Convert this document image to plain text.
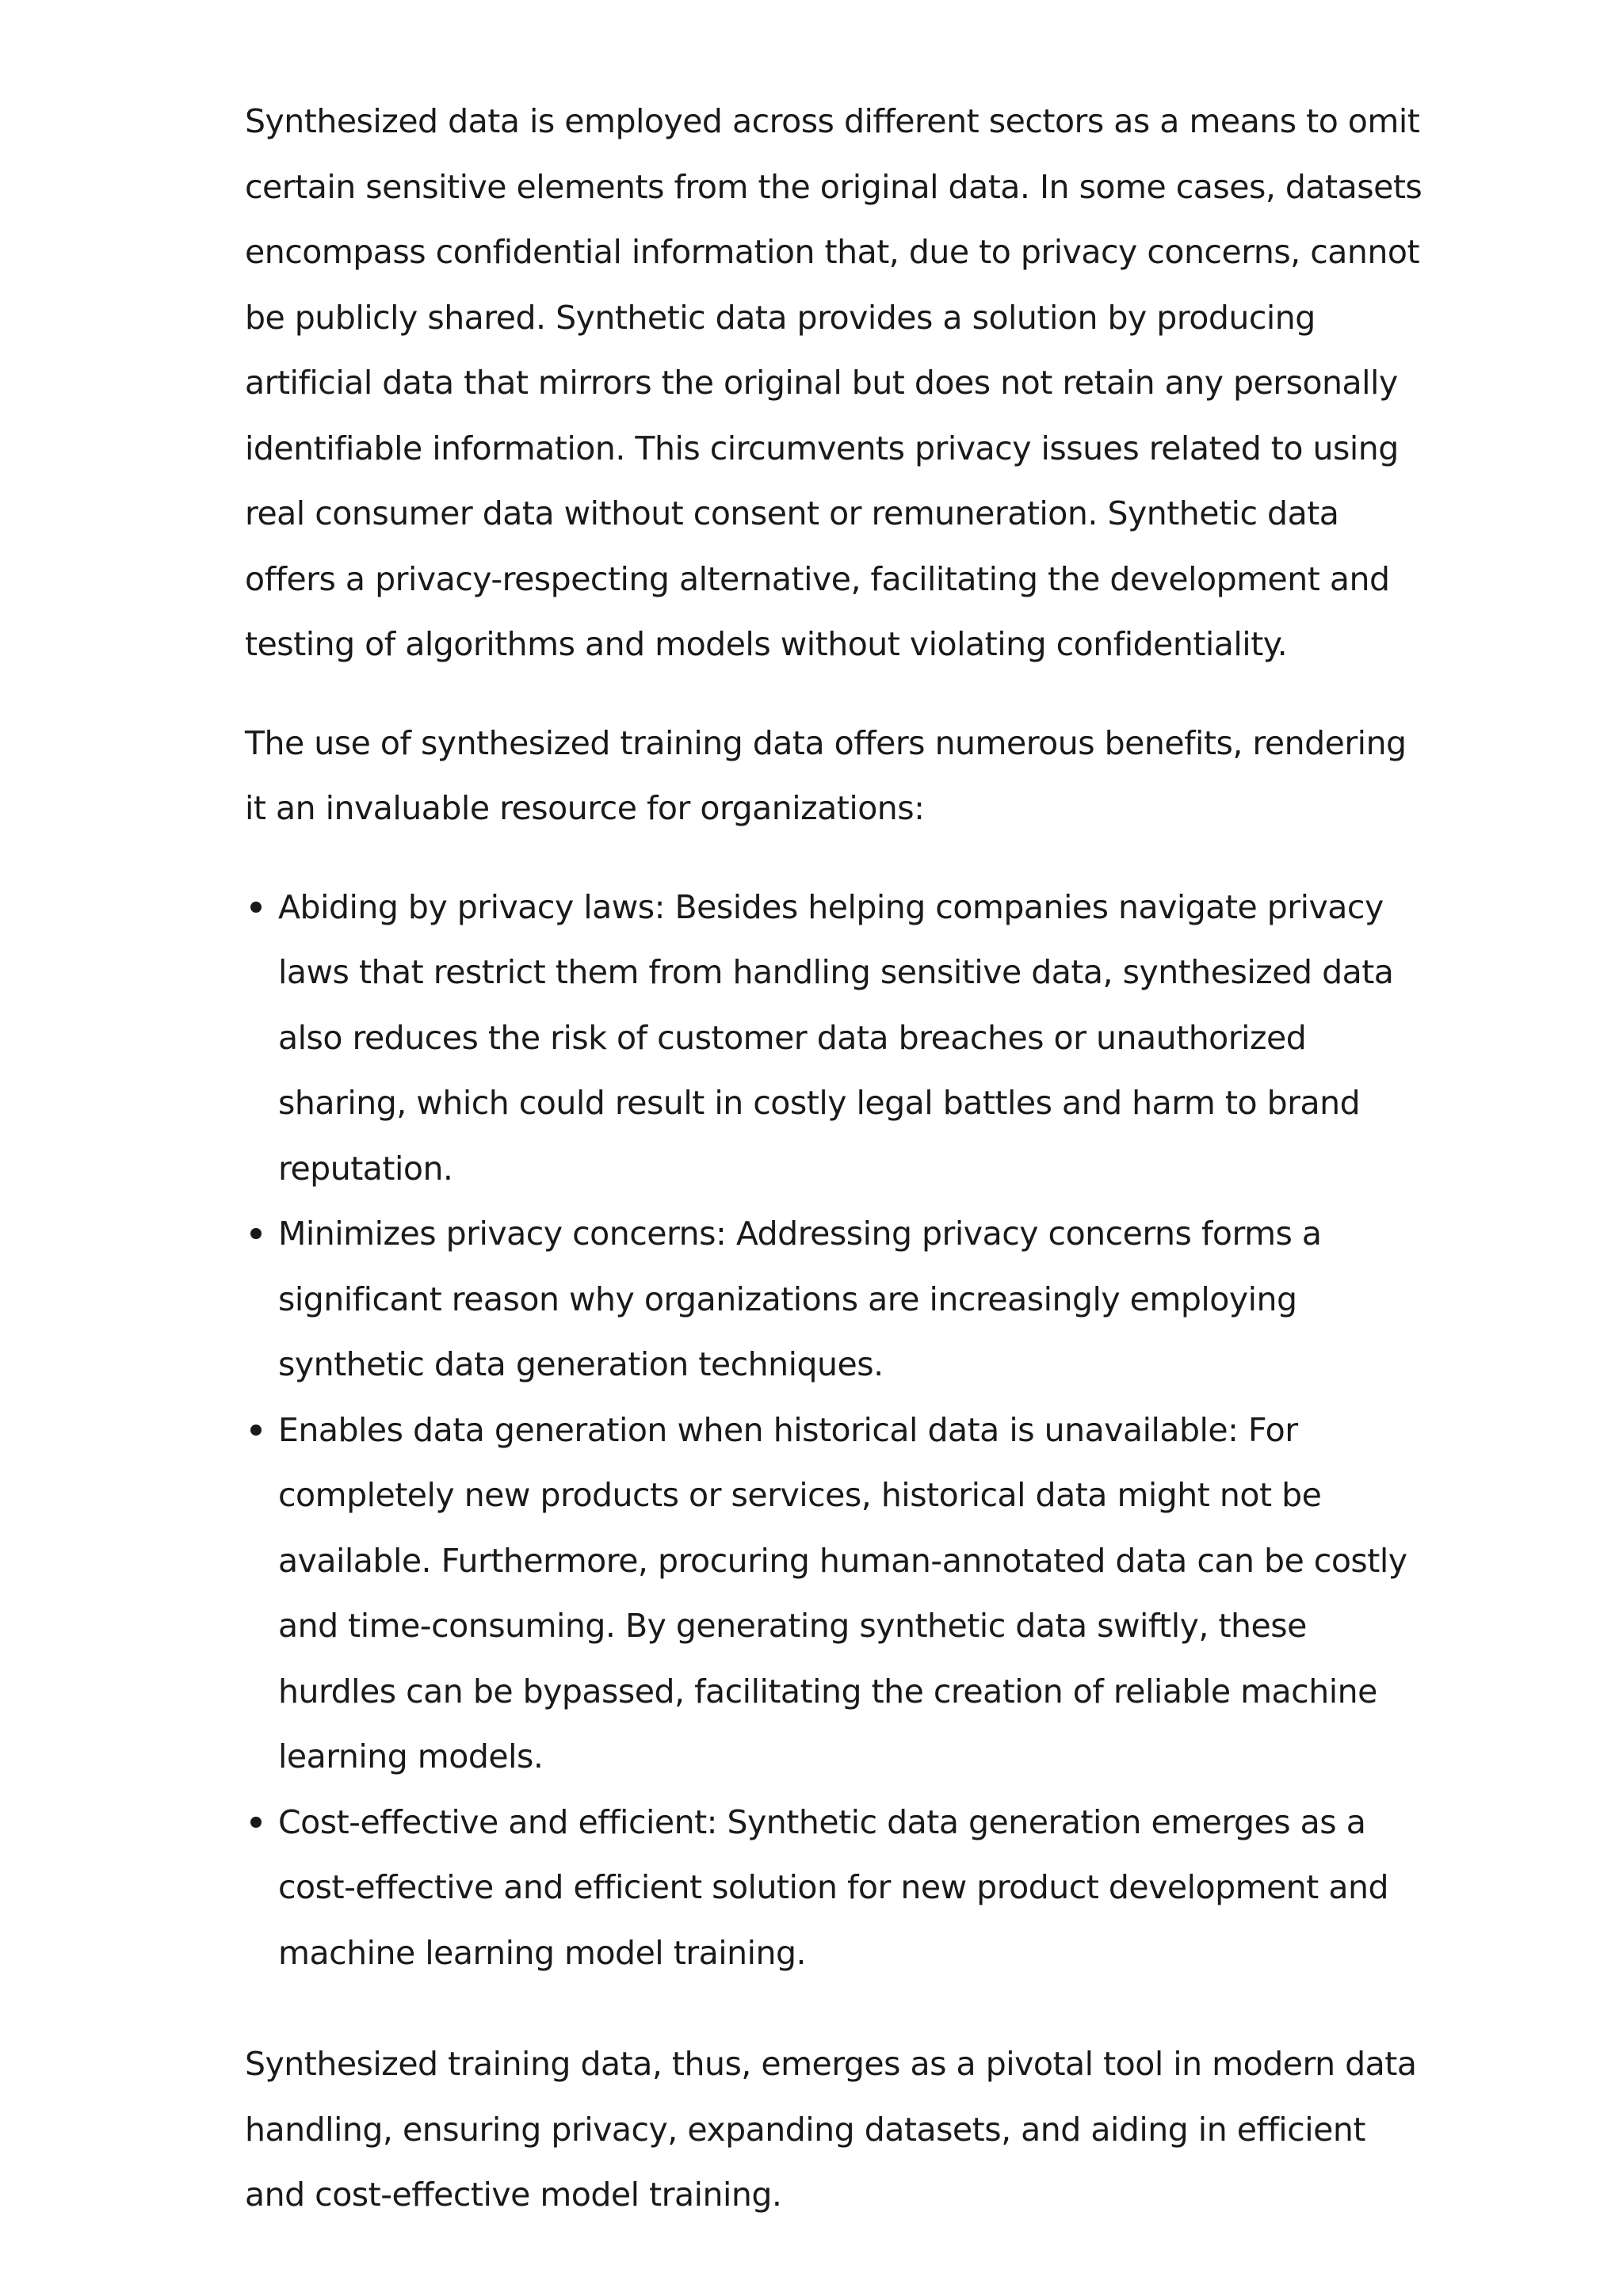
Synthesized data is employed across different sectors as a means to omit certain sensitive elements from the original data. In some cases, datasets encompass confidential information that, due to privacy concerns, cannot be publicly shared. Synthetic data provides a solution by producing artificial data that mirrors the original but does not retain any personally identifiable information. This circumvents privacy issues related to using real consumer data without consent or remuneration. Synthetic data offers a privacy-respecting alternative, facilitating the development and testing of algorithms and models without violating confidentiality.

The use of synthesized training data offers numerous benefits, rendering it an invaluable resource for organizations:

Abiding by privacy laws: Besides helping companies navigate privacy laws that restrict them from handling sensitive data, synthesized data also reduces the risk of customer data breaches or unauthorized sharing, which could result in costly legal battles and harm to brand reputation.
Minimizes privacy concerns: Addressing privacy concerns forms a significant reason why organizations are increasingly employing synthetic data generation techniques.
Enables data generation when historical data is unavailable: For completely new products or services, historical data might not be available. Furthermore, procuring human-annotated data can be costly and time-consuming. By generating synthetic data swiftly, these hurdles can be bypassed, facilitating the creation of reliable machine learning models.
Cost-effective and efficient: Synthetic data generation emerges as a cost-effective and efficient solution for new product development and machine learning model training.

Synthesized training data, thus, emerges as a pivotal tool in modern data handling, ensuring privacy, expanding datasets, and aiding in efficient and cost-effective model training.
